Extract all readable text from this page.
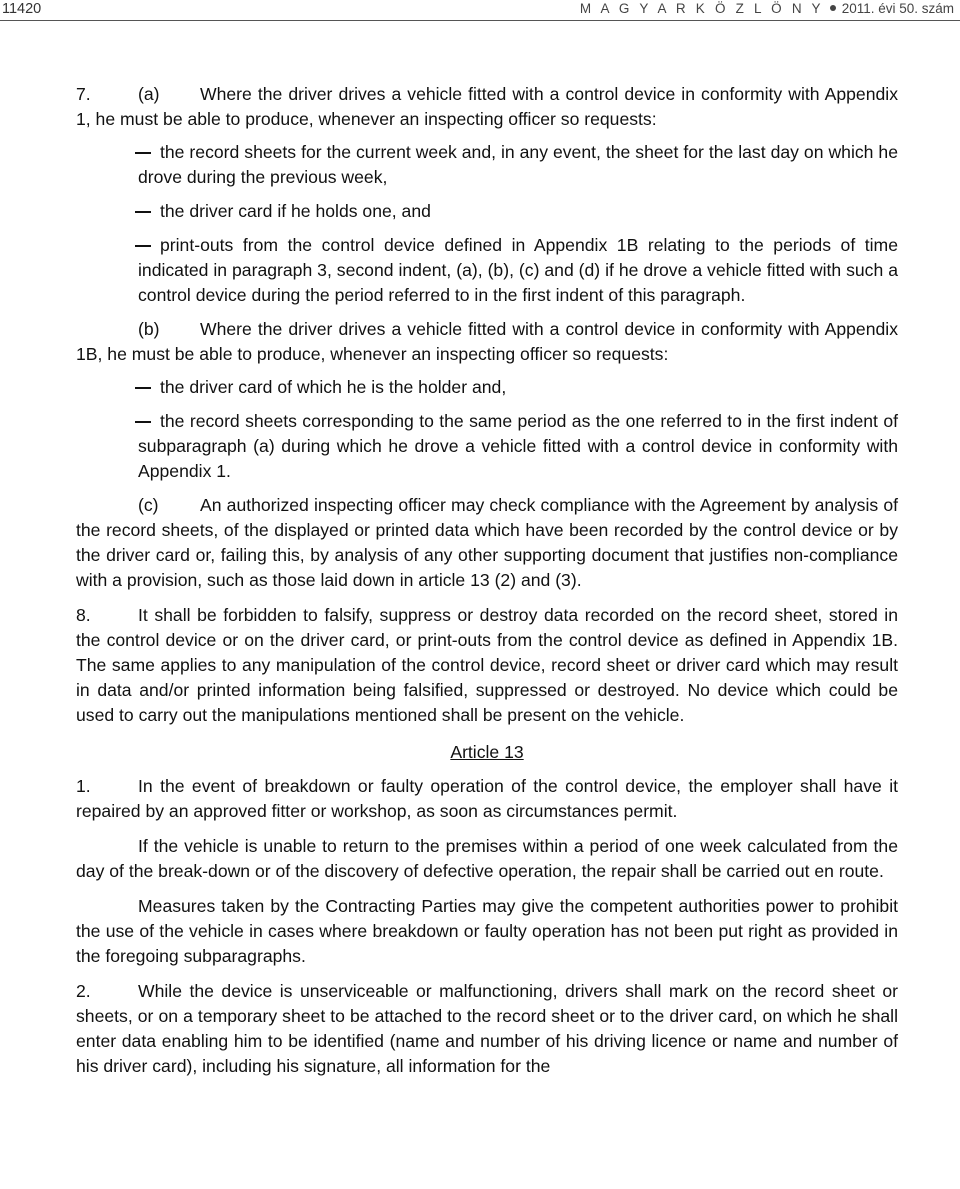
11420	M A G Y A R K Ö Z L Ö N Y 2011. évi 50. szám

7.	(a) Where the driver drives a vehicle fitted with a control device in conformity with Appendix 1, he must be able to produce, whenever an inspecting officer so requests:

the record sheets for the current week and, in any event, the sheet for the last day on which he drove during the previous week,
the driver card if he holds one, and
print-outs from the control device defined in Appendix 1B relating to the periods of time indicated in paragraph 3, second indent, (a), (b), (c) and (d) if he drove a vehicle fitted with such a control device during the period referred to in the first indent of this paragraph.

(b) Where the driver drives a vehicle fitted with a control device in conformity with Appendix 1B, he must be able to produce, whenever an inspecting officer so requests:

the driver card of which he is the holder and,
the record sheets corresponding to the same period as the one referred to in the first indent of subparagraph (a) during which he drove a vehicle fitted with a control device in conformity with Appendix 1.

(c) An authorized inspecting officer may check compliance with the Agreement by analysis of the record sheets, of the displayed or printed data which have been recorded by the control device or by the driver card or, failing this, by analysis of any other supporting document that justifies non-compliance with a provision, such as those laid down in article 13 (2) and (3).

8.	It shall be forbidden to falsify, suppress or destroy data recorded on the record sheet, stored in the control device or on the driver card, or print-outs from the control device as defined in Appendix 1B. The same applies to any manipulation of the control device, record sheet or driver card which may result in data and/or printed information being falsified, suppressed or destroyed. No device which could be used to carry out the manipulations mentioned shall be present on the vehicle.

Article 13

1.	In the event of breakdown or faulty operation of the control device, the employer shall have it repaired by an approved fitter or workshop, as soon as circumstances permit.

If the vehicle is unable to return to the premises within a period of one week calculated from the day of the break-down or of the discovery of defective operation, the repair shall be carried out en route.

Measures taken by the Contracting Parties may give the competent authorities power to prohibit the use of the vehicle in cases where breakdown or faulty operation has not been put right as provided in the foregoing subparagraphs.

2.	While the device is unserviceable or malfunctioning, drivers shall mark on the record sheet or sheets, or on a temporary sheet to be attached to the record sheet or to the driver card, on which he shall enter data enabling him to be identified (name and number of his driving licence or name and number of his driver card), including his signature, all information for the
